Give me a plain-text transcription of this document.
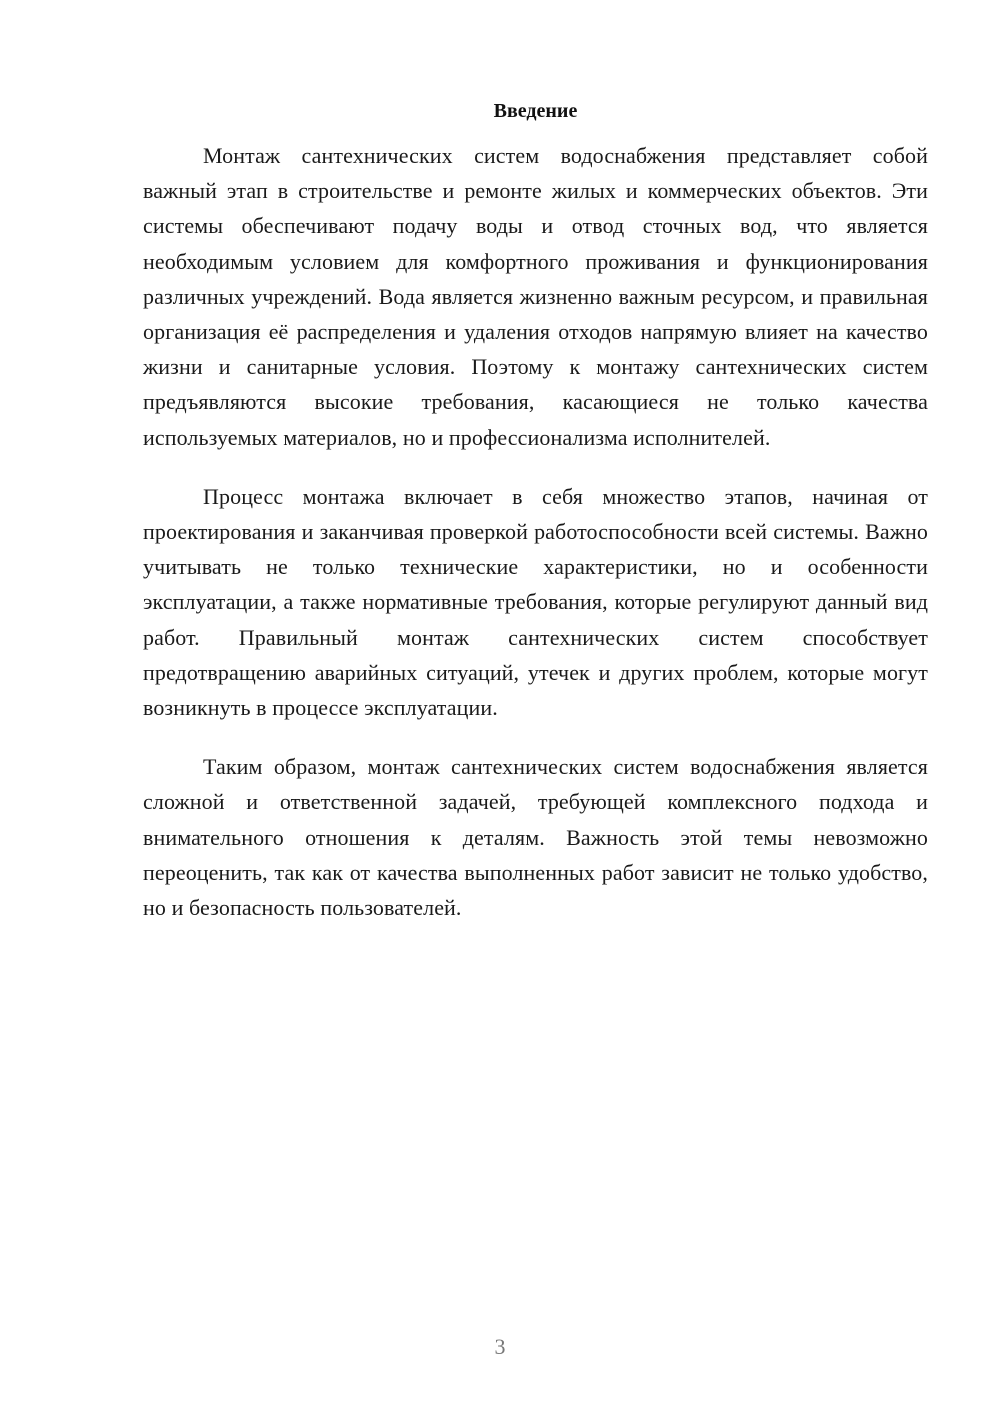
Введение

Монтаж сантехнических систем водоснабжения представляет собой важный этап в строительстве и ремонте жилых и коммерческих объектов. Эти системы обеспечивают подачу воды и отвод сточных вод, что является необходимым условием для комфортного проживания и функционирования различных учреждений. Вода является жизненно важным ресурсом, и правильная организация её распределения и удаления отходов напрямую влияет на качество жизни и санитарные условия. Поэтому к монтажу сантехнических систем предъявляются высокие требования, касающиеся не только качества используемых материалов, но и профессионализма исполнителей.

Процесс монтажа включает в себя множество этапов, начиная от проектирования и заканчивая проверкой работоспособности всей системы. Важно учитывать не только технические характеристики, но и особенности эксплуатации, а также нормативные требования, которые регулируют данный вид работ. Правильный монтаж сантехнических систем способствует предотвращению аварийных ситуаций, утечек и других проблем, которые могут возникнуть в процессе эксплуатации.

Таким образом, монтаж сантехнических систем водоснабжения является сложной и ответственной задачей, требующей комплексного подхода и внимательного отношения к деталям. Важность этой темы невозможно переоценить, так как от качества выполненных работ зависит не только удобство, но и безопасность пользователей.

3
